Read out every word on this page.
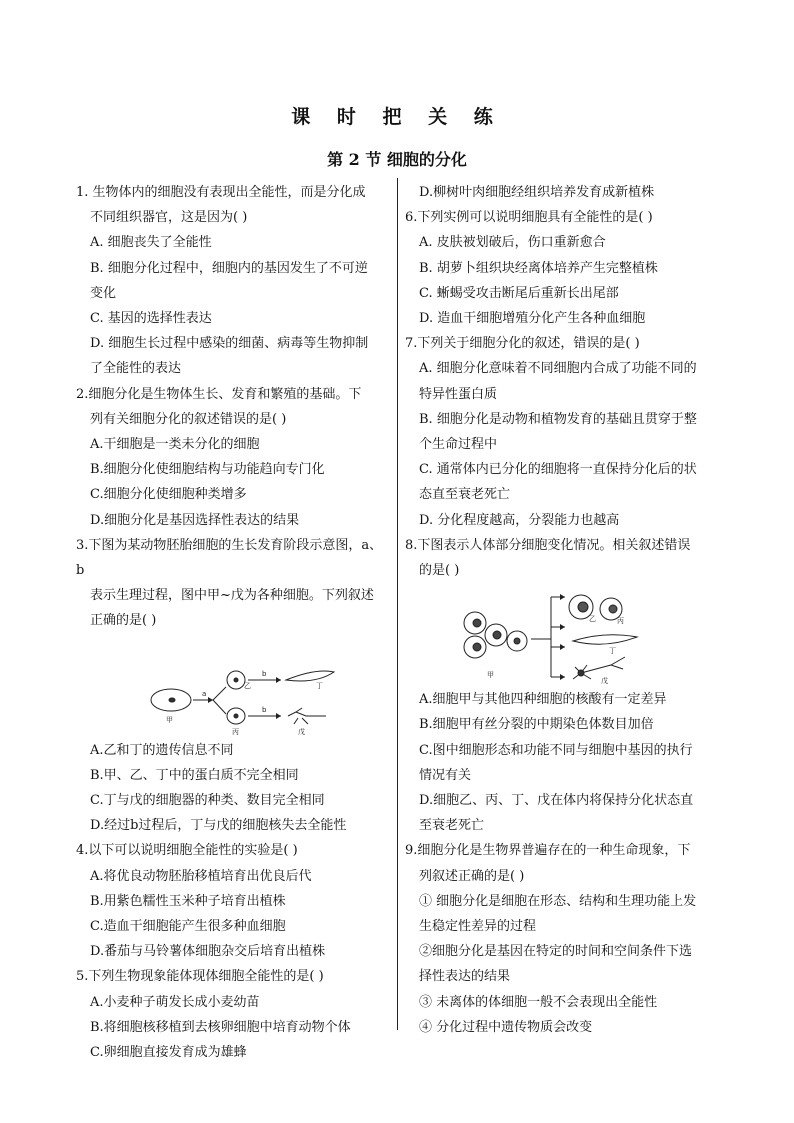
课 时 把 关 练
第 2 节 细胞的分化

1. 生物体内的细胞没有表现出全能性，而是分化成

不同组织器官，这是因为( )

A. 细胞丧失了全能性

B. 细胞分化过程中，细胞内的基因发生了不可逆

变化

C. 基因的选择性表达

D. 细胞生长过程中感染的细菌、病毒等生物抑制

了全能性的表达

2.细胞分化是生物体生长、发育和繁殖的基础。下

列有关细胞分化的叙述错误的是( )

A.干细胞是一类未分化的细胞

B.细胞分化使细胞结构与功能趋向专门化

C.细胞分化使细胞种类增多

D.细胞分化是基因选择性表达的结果

3.下图为某动物胚胎细胞的生长发育阶段示意图，a、b

表示生理过程，图中甲~戊为各种细胞。下列叙述

正确的是( )

a
b
b
甲
乙
丙
丁
戊

A.乙和丁的遗传信息不同

B.甲、乙、丁中的蛋白质不完全相同

C.丁与戊的细胞器的种类、数目完全相同

D.经过b过程后，丁与戊的细胞核失去全能性

4.以下可以说明细胞全能性的实验是( )

A.将优良动物胚胎移植培育出优良后代

B.用紫色糯性玉米种子培育出植株

C.造血干细胞能产生很多种血细胞

D.番茄与马铃薯体细胞杂交后培育出植株

5.下列生物现象能体现体细胞全能性的是( )

A.小麦种子萌发长成小麦幼苗

B.将细胞核移植到去核卵细胞中培育动物个体

C.卵细胞直接发育成为雄蜂

D.柳树叶肉细胞经组织培养发育成新植株

6.下列实例可以说明细胞具有全能性的是( )

A. 皮肤被划破后，伤口重新愈合

B. 胡萝卜组织块经离体培养产生完整植株

C. 蜥蜴受攻击断尾后重新长出尾部

D. 造血干细胞增殖分化产生各种血细胞

7.下列关于细胞分化的叙述，错误的是( )

A. 细胞分化意味着不同细胞内合成了功能不同的

特异性蛋白质

B. 细胞分化是动物和植物发育的基础且贯穿于整

个生命过程中

C. 通常体内已分化的细胞将一直保持分化后的状

态直至衰老死亡

D. 分化程度越高，分裂能力也越高

8.下图表示人体部分细胞变化情况。相关叙述错误

的是( )

甲
乙	丙
丁
戊

A.细胞甲与其他四种细胞的核酸有一定差异

B.细胞甲有丝分裂的中期染色体数目加倍

C.图中细胞形态和功能不同与细胞中基因的执行

情况有关

D.细胞乙、丙、丁、戊在体内将保持分化状态直

至衰老死亡

9.细胞分化是生物界普遍存在的一种生命现象，下

列叙述正确的是( )

① 细胞分化是细胞在形态、结构和生理功能上发

生稳定性差异的过程

②细胞分化是基因在特定的时间和空间条件下选

择性表达的结果

③ 未离体的体细胞一般不会表现出全能性

④ 分化过程中遗传物质会改变
